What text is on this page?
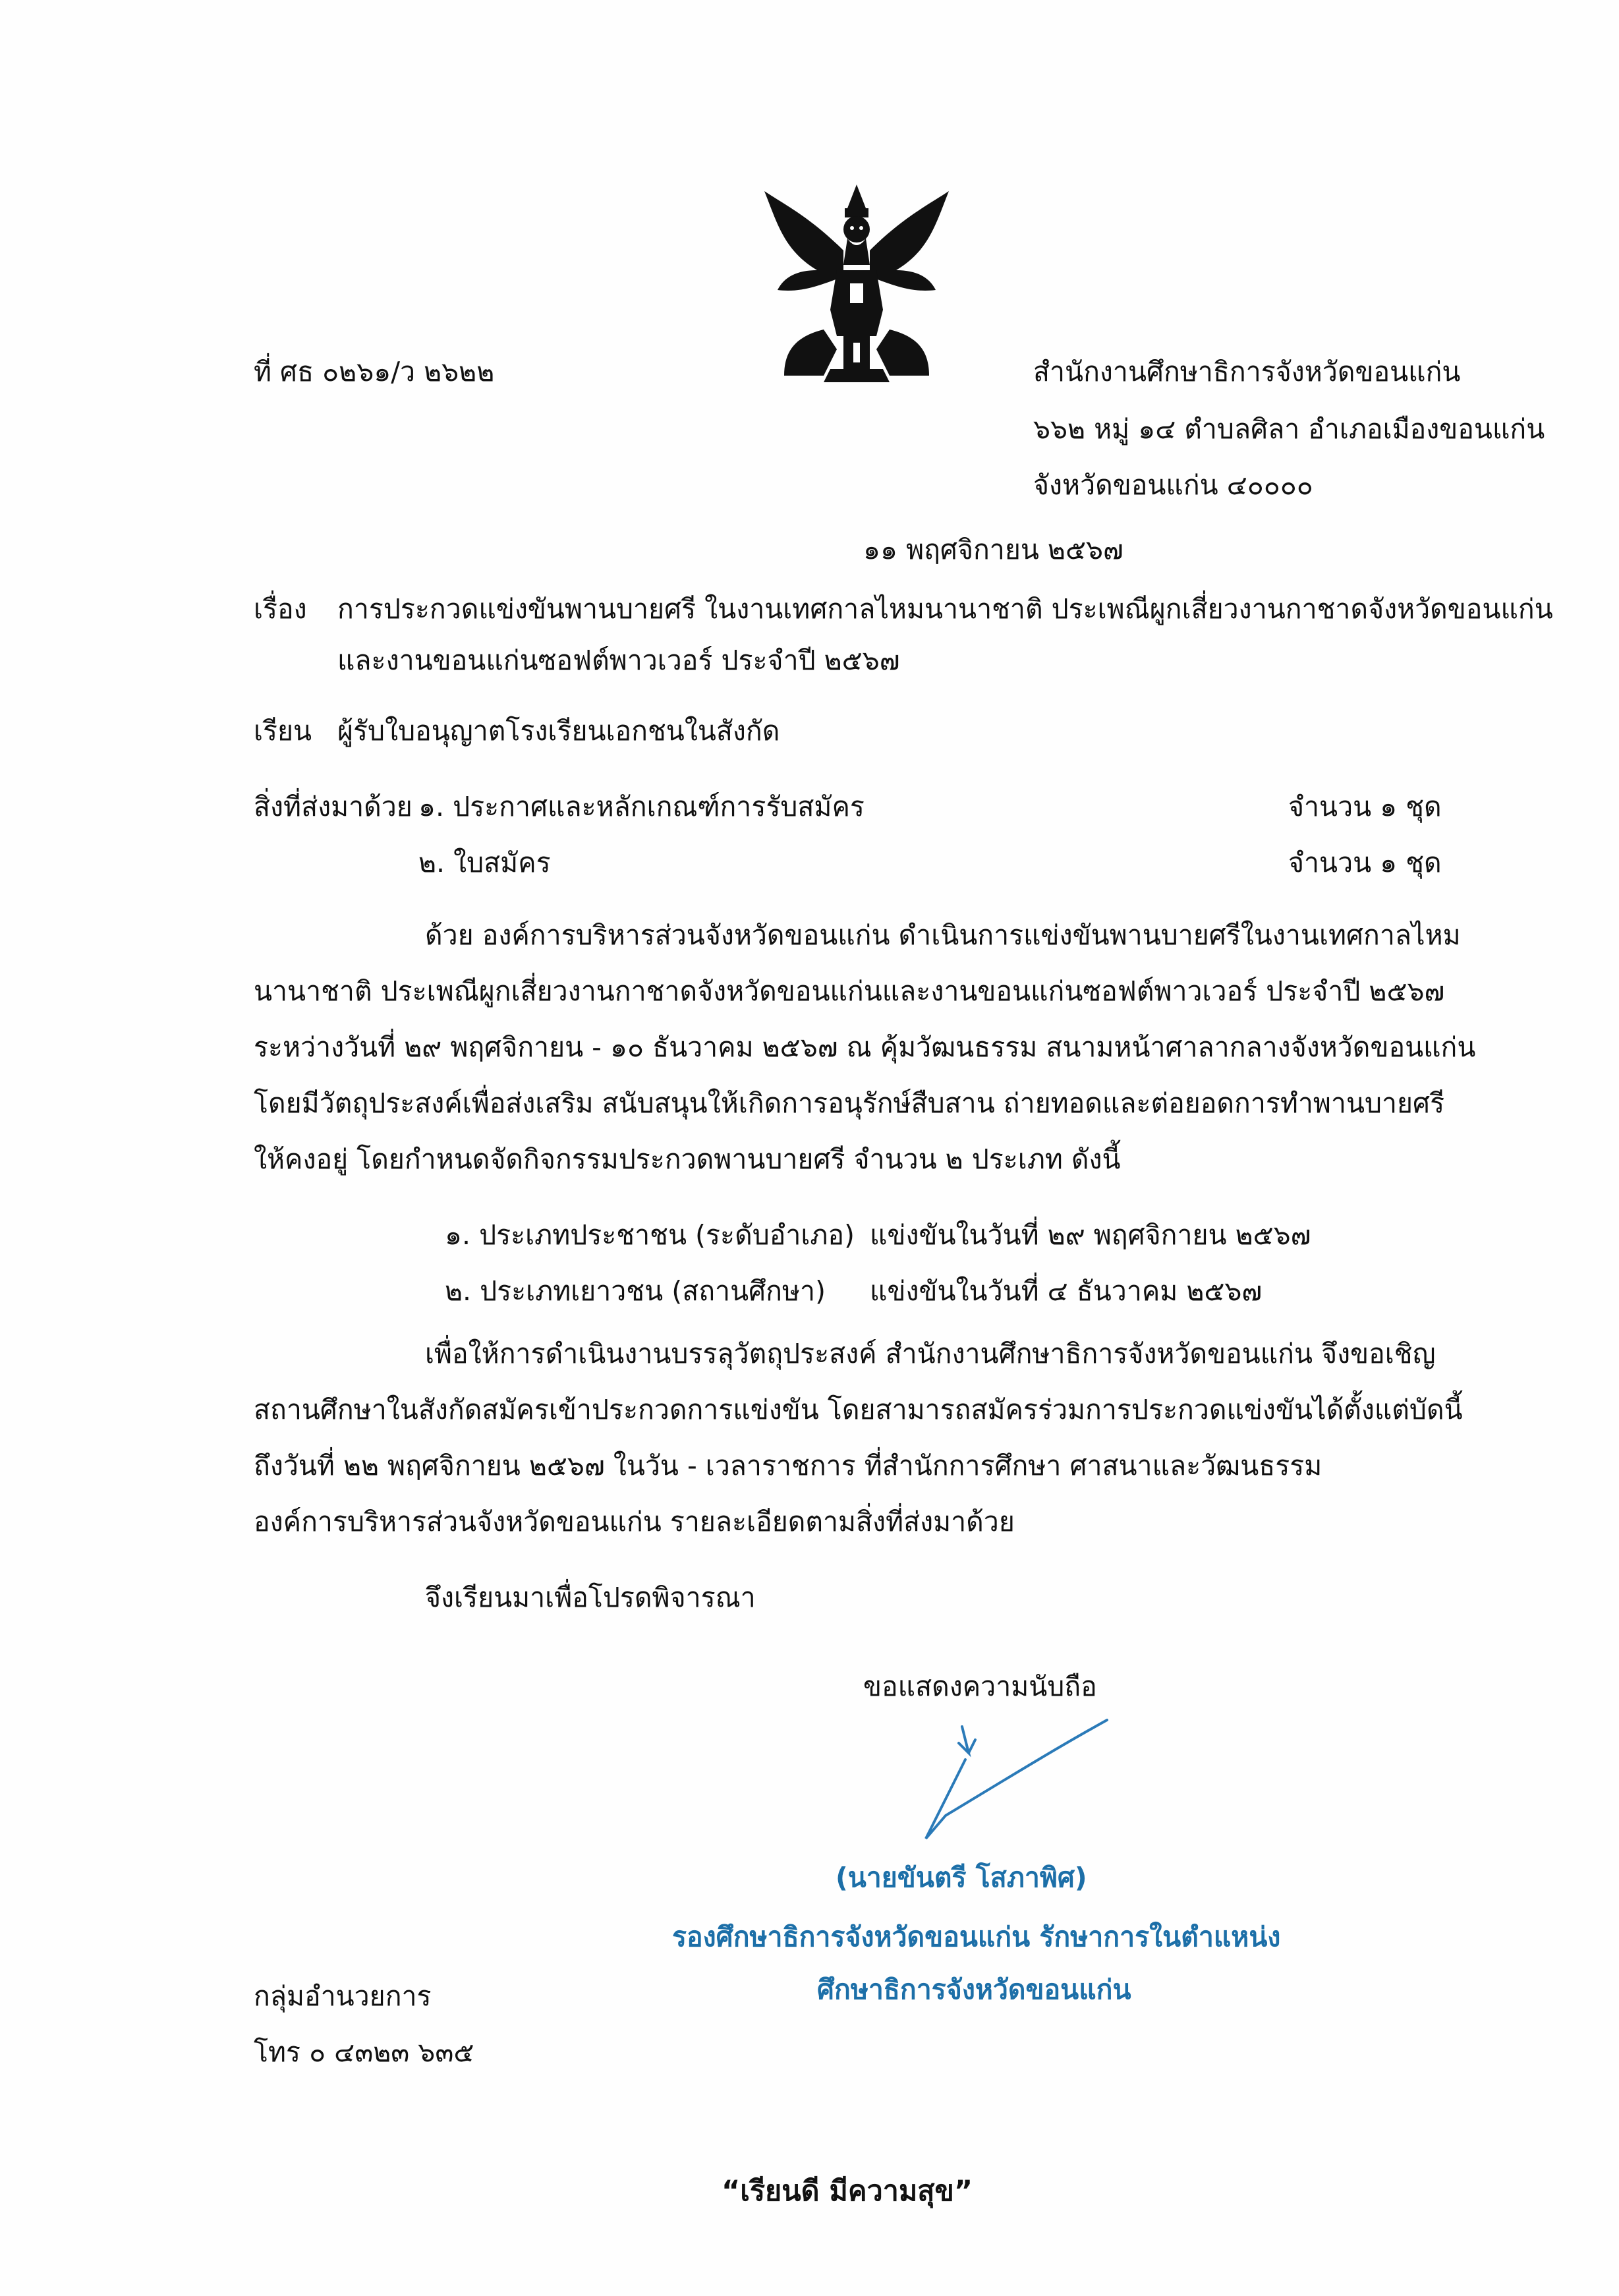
ที่ ศธ ๐๒๖๑/ว ๒๖๒๒	สำนักงานศึกษาธิการจังหวัดขอนแก่น
๖๖๒ หมู่ ๑๔ ตำบลศิลา อำเภอเมืองขอนแก่น
จังหวัดขอนแก่น ๔๐๐๐๐
๑๑ พฤศจิกายน ๒๕๖๗
เรื่อง การประกวดแข่งขันพานบายศรี ในงานเทศกาลไหมนานาชาติ ประเพณีผูกเสี่ยวงานกาชาดจังหวัดขอนแก่น
และงานขอนแก่นซอฟต์พาวเวอร์ ประจำปี ๒๕๖๗
เรียน ผู้รับใบอนุญาตโรงเรียนเอกชนในสังกัด
สิ่งที่ส่งมาด้วย ๑. ประกาศและหลักเกณฑ์การรับสมัคร	จำนวน ๑ ชุด
๒. ใบสมัคร	จำนวน ๑ ชุด
ด้วย องค์การบริหารส่วนจังหวัดขอนแก่น ดำเนินการแข่งขันพานบายศรีในงานเทศกาลไหม
นานาชาติ ประเพณีผูกเสี่ยวงานกาชาดจังหวัดขอนแก่นและงานขอนแก่นซอฟต์พาวเวอร์ ประจำปี ๒๕๖๗
ระหว่างวันที่ ๒๙ พฤศจิกายน - ๑๐ ธันวาคม ๒๕๖๗ ณ คุ้มวัฒนธรรม สนามหน้าศาลากลางจังหวัดขอนแก่น
โดยมีวัตถุประสงค์เพื่อส่งเสริม สนับสนุนให้เกิดการอนุรักษ์สืบสาน ถ่ายทอดและต่อยอดการทำพานบายศรี
ให้คงอยู่ โดยกำหนดจัดกิจกรรมประกวดพานบายศรี จำนวน ๒ ประเภท ดังนี้
๑. ประเภทประชาชน (ระดับอำเภอ) แข่งขันในวันที่ ๒๙ พฤศจิกายน ๒๕๖๗
๒. ประเภทเยาวชน (สถานศึกษา) แข่งขันในวันที่ ๔ ธันวาคม ๒๕๖๗
เพื่อให้การดำเนินงานบรรลุวัตถุประสงค์ สำนักงานศึกษาธิการจังหวัดขอนแก่น จึงขอเชิญ
สถานศึกษาในสังกัดสมัครเข้าประกวดการแข่งขัน โดยสามารถสมัครร่วมการประกวดแข่งขันได้ตั้งแต่บัดนี้
ถึงวันที่ ๒๒ พฤศจิกายน ๒๕๖๗ ในวัน - เวลาราชการ ที่สำนักการศึกษา ศาสนาและวัฒนธรรม
องค์การบริหารส่วนจังหวัดขอนแก่น รายละเอียดตามสิ่งที่ส่งมาด้วย
จึงเรียนมาเพื่อโปรดพิจารณา
ขอแสดงความนับถือ
(นายขันตรี โสภาพิศ)
รองศึกษาธิการจังหวัดขอนแก่น รักษาการในตำแหน่ง
ศึกษาธิการจังหวัดขอนแก่น
กลุ่มอำนวยการ
โทร ๐ ๔๓๒๓ ๖๓๕
“เรียนดี มีความสุข”
